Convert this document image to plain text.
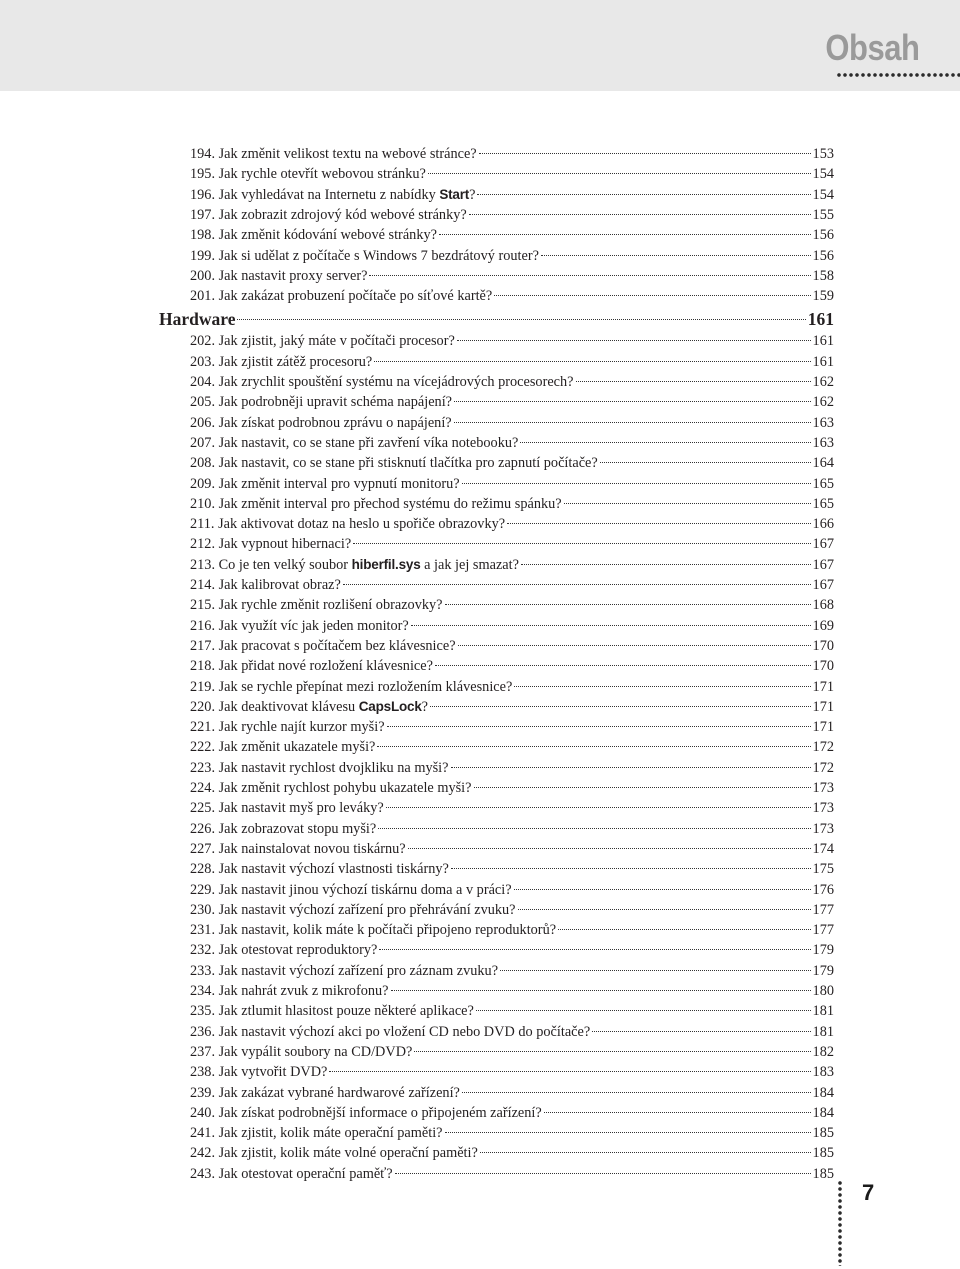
Obsah
194. Jak změnit velikost textu na webové stránce?	153
195. Jak rychle otevřít webovou stránku?	154
196. Jak vyhledávat na Internetu z nabídky Start?	154
197. Jak zobrazit zdrojový kód webové stránky?	155
198. Jak změnit kódování webové stránky?	156
199. Jak si udělat z počítače s Windows 7 bezdrátový router?	156
200. Jak nastavit proxy server?	158
201. Jak zakázat probuzení počítače po síťové kartě?	159
Hardware	161
202. Jak zjistit, jaký máte v počítači procesor?	161
203. Jak zjistit zátěž procesoru?	161
204. Jak zrychlit spouštění systému na vícejádrových procesorech?	162
205. Jak podrobněji upravit schéma napájení?	162
206. Jak získat podrobnou zprávu o napájení?	163
207. Jak nastavit, co se stane při zavření víka notebooku?	163
208. Jak nastavit, co se stane při stisknutí tlačítka pro zapnutí počítače?	164
209. Jak změnit interval pro vypnutí monitoru?	165
210. Jak změnit interval pro přechod systému do režimu spánku?	165
211. Jak aktivovat dotaz na heslo u spořiče obrazovky?	166
212. Jak vypnout hibernaci?	167
213. Co je ten velký soubor hiberfil.sys a jak jej smazat?	167
214. Jak kalibrovat obraz?	167
215. Jak rychle změnit rozlišení obrazovky?	168
216. Jak využít víc jak jeden monitor?	169
217. Jak pracovat s počítačem bez klávesnice?	170
218. Jak přidat nové rozložení klávesnice?	170
219. Jak se rychle přepínat mezi rozložením klávesnice?	171
220. Jak deaktivovat klávesu CapsLock?	171
221. Jak rychle najít kurzor myši?	171
222. Jak změnit ukazatele myši?	172
223. Jak nastavit rychlost dvojkliku na myši?	172
224. Jak změnit rychlost pohybu ukazatele myši?	173
225. Jak nastavit myš pro leváky?	173
226. Jak zobrazovat stopu myši?	173
227. Jak nainstalovat novou tiskárnu?	174
228. Jak nastavit výchozí vlastnosti tiskárny?	175
229. Jak nastavit jinou výchozí tiskárnu doma a v práci?	176
230. Jak nastavit výchozí zařízení pro přehrávání zvuku?	177
231. Jak nastavit, kolik máte k počítači připojeno reproduktorů?	177
232. Jak otestovat reproduktory?	179
233. Jak nastavit výchozí zařízení pro záznam zvuku?	179
234. Jak nahrát zvuk z mikrofonu?	180
235. Jak ztlumit hlasitost pouze některé aplikace?	181
236. Jak nastavit výchozí akci po vložení CD nebo DVD do počítače?	181
237. Jak vypálit soubory na CD/DVD?	182
238. Jak vytvořit DVD?	183
239. Jak zakázat vybrané hardwarové zařízení?	184
240. Jak získat podrobnější informace o připojeném zařízení?	184
241. Jak zjistit, kolik máte operační paměti?	185
242. Jak zjistit, kolik máte volné operační paměti?	185
243. Jak otestovat operační paměť?	185
7
